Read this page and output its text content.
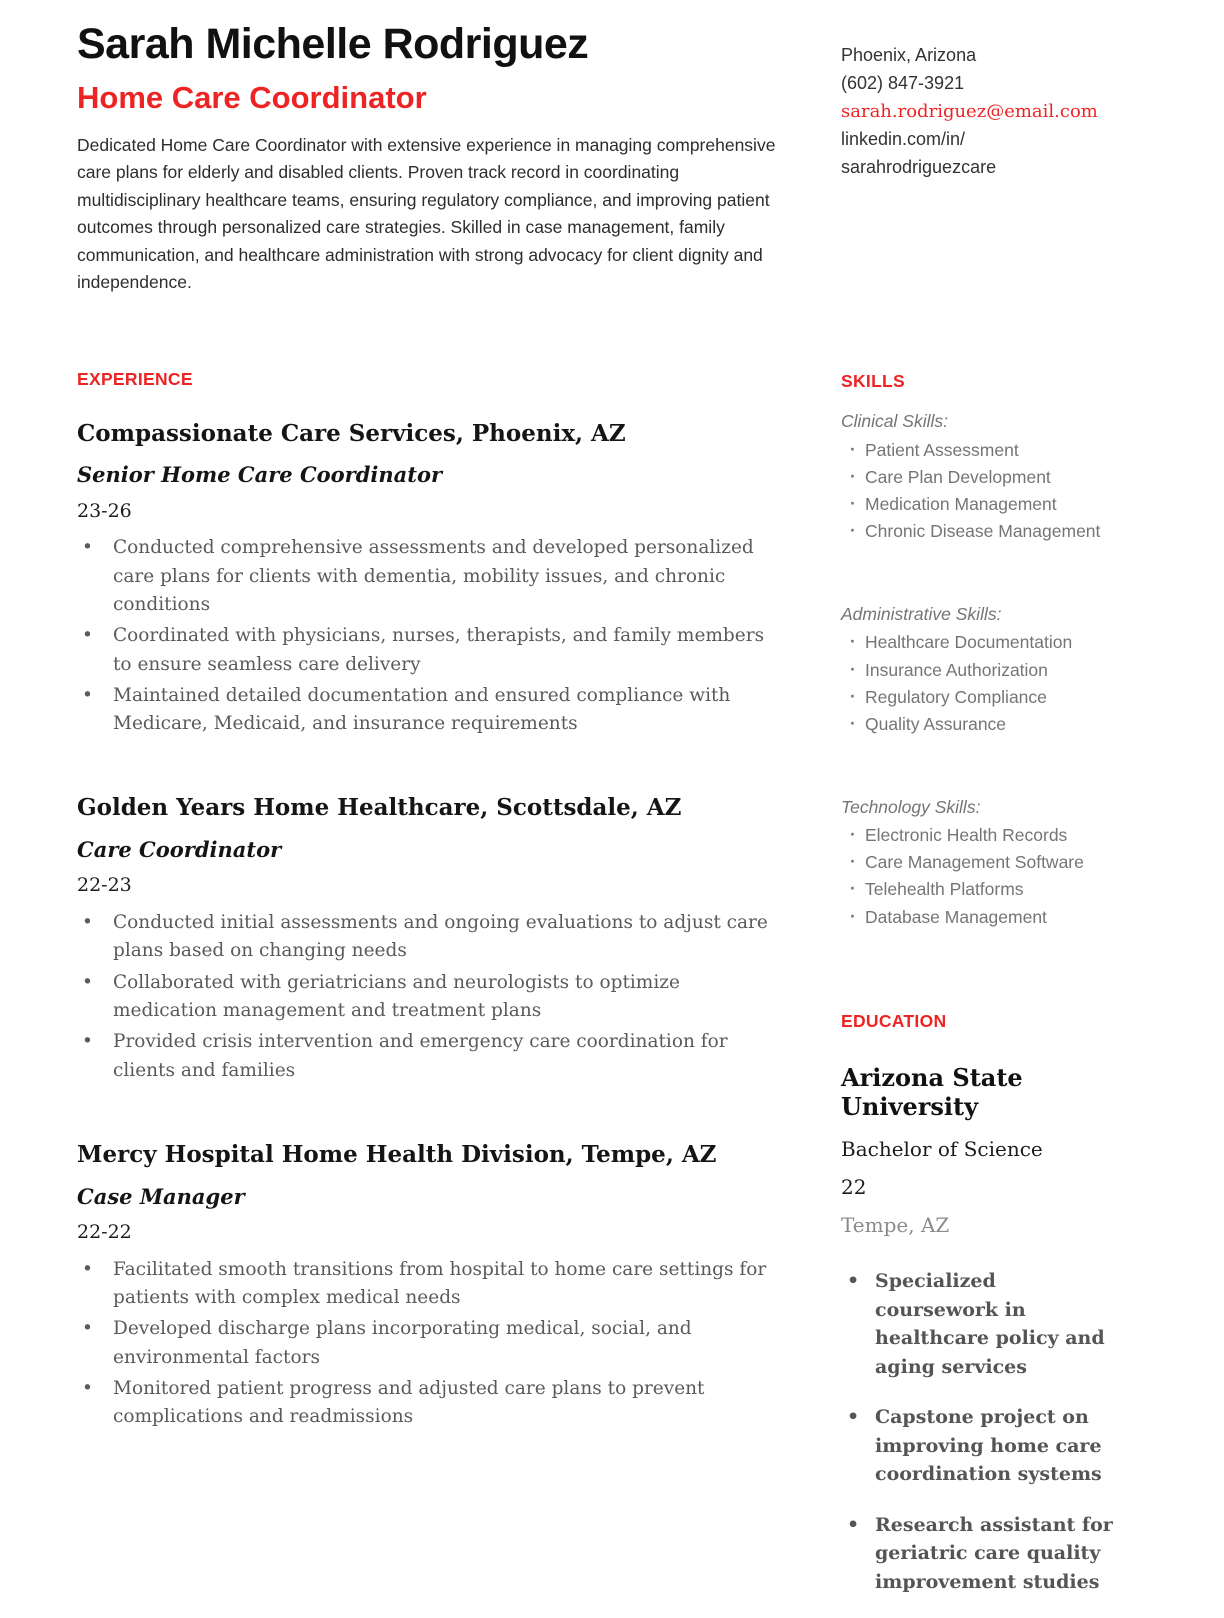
Sarah Michelle Rodriguez
Home Care Coordinator

Dedicated Home Care Coordinator with extensive experience in managing comprehensive care plans for elderly and disabled clients. Proven track record in coordinating multidisciplinary healthcare teams, ensuring regulatory compliance, and improving patient outcomes through personalized care strategies. Skilled in case management, family communication, and healthcare administration with strong advocacy for client dignity and independence.

EXPERIENCE
Compassionate Care Services, Phoenix, AZ
Senior Home Care Coordinator
23-26
• Conducted comprehensive assessments and developed personalized care plans for clients with dementia, mobility issues, and chronic conditions
• Coordinated with physicians, nurses, therapists, and family members to ensure seamless care delivery
• Maintained detailed documentation and ensured compliance with Medicare, Medicaid, and insurance requirements
Golden Years Home Healthcare, Scottsdale, AZ
Care Coordinator
22-23
• Conducted initial assessments and ongoing evaluations to adjust care plans based on changing needs
• Collaborated with geriatricians and neurologists to optimize medication management and treatment plans
• Provided crisis intervention and emergency care coordination for clients and families
Mercy Hospital Home Health Division, Tempe, AZ
Case Manager
22-22
• Facilitated smooth transitions from hospital to home care settings for patients with complex medical needs
• Developed discharge plans incorporating medical, social, and environmental factors
• Monitored patient progress and adjusted care plans to prevent complications and readmissions
Phoenix, Arizona
(602) 847-3921
sarah.rodriguez@email.com
linkedin.com/in/
sarahrodriguezcare
SKILLS
Clinical Skills:
· Patient Assessment
· Care Plan Development
· Medication Management
· Chronic Disease Management
Administrative Skills:
· Healthcare Documentation
· Insurance Authorization
· Regulatory Compliance
· Quality Assurance
Technology Skills:
· Electronic Health Records
· Care Management Software
· Telehealth Platforms
· Database Management
EDUCATION
Arizona State University
Bachelor of Science
22
Tempe, AZ
• Specialized coursework in healthcare policy and aging services
• Capstone project on improving home care coordination systems
• Research assistant for geriatric care quality improvement studies
